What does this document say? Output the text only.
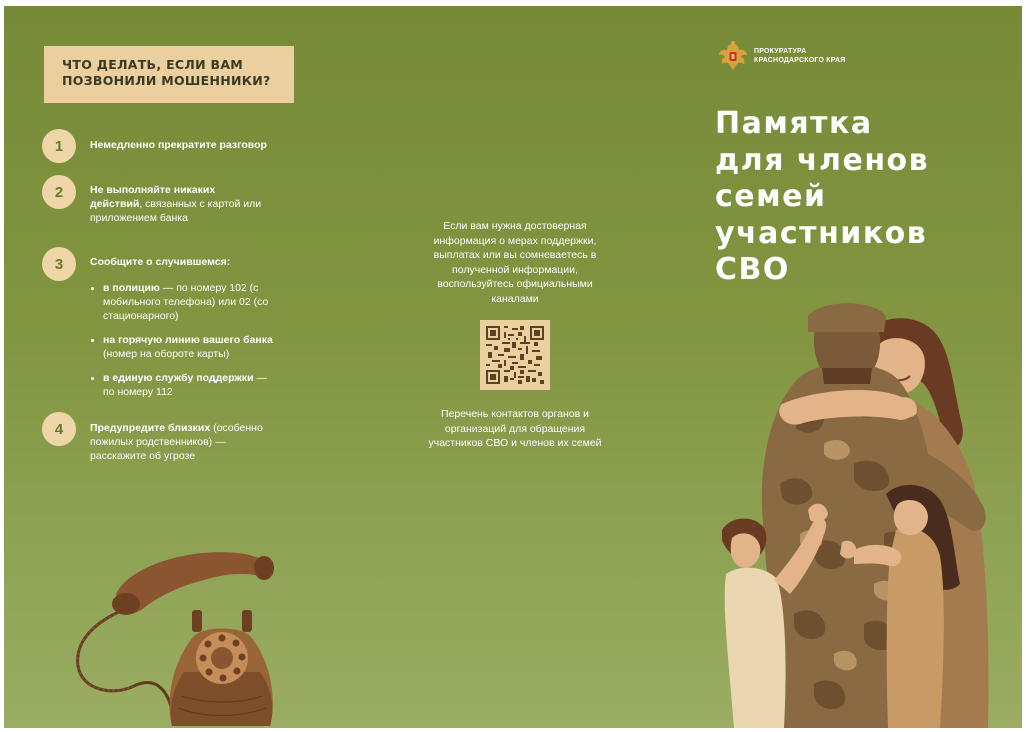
ЧТО ДЕЛАТЬ, ЕСЛИ ВАМ ПОЗВОНИЛИ МОШЕННИКИ?
1	Немедленно прекратите разговор
2	Не выполняйте никаких действий, связанных с картой или приложением банка
3	Сообщите о случившемся:
в полицию — по номеру 102 (с мобильного телефона) или 02 (со стационарного)
на горячую линию вашего банка (номер на обороте карты)
в единую службу поддержки — по номеру 112
4	Предупредите близких (особенно пожилых родственников) — расскажите об угрозе
Если вам нужна достоверная информация о мерах поддержки, выплатах или вы сомневаетесь в полученной информации, воспользуйтесь официальными каналами
Перечень контактов органов и организаций для обращения участников СВО и членов их семей
ПРОКУРАТУРА
КРАСНОДАРСКОГО КРАЯ
Памятка
для членов
семей
участников
СВО
